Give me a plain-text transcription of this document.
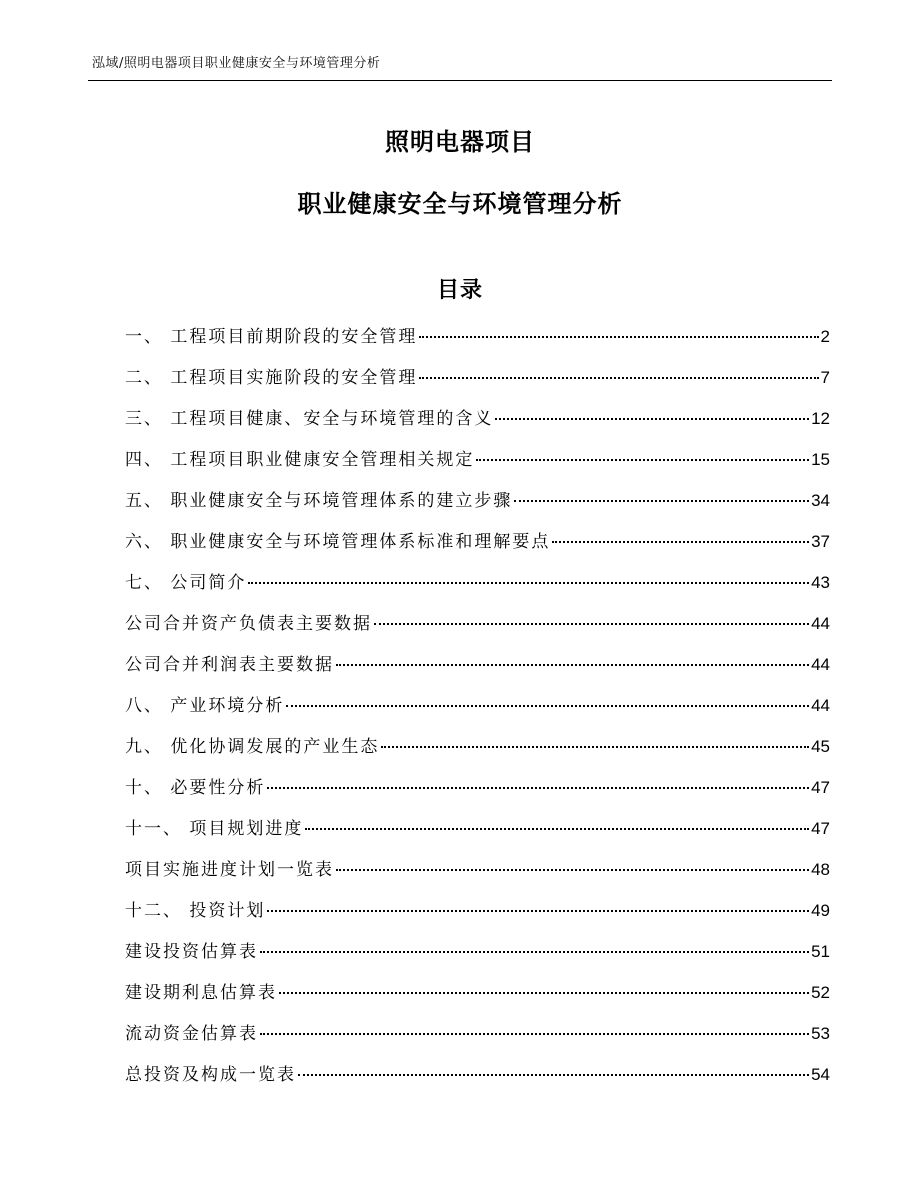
泓域/照明电器项目职业健康安全与环境管理分析
照明电器项目
职业健康安全与环境管理分析
目录
一、 工程项目前期阶段的安全管理	2
二、 工程项目实施阶段的安全管理	7
三、 工程项目健康、安全与环境管理的含义	12
四、 工程项目职业健康安全管理相关规定	15
五、 职业健康安全与环境管理体系的建立步骤	34
六、 职业健康安全与环境管理体系标准和理解要点	37
七、 公司简介	43
公司合并资产负债表主要数据	44
公司合并利润表主要数据	44
八、 产业环境分析	44
九、 优化协调发展的产业生态	45
十、 必要性分析	47
十一、 项目规划进度	47
项目实施进度计划一览表	48
十二、 投资计划	49
建设投资估算表	51
建设期利息估算表	52
流动资金估算表	53
总投资及构成一览表	54
